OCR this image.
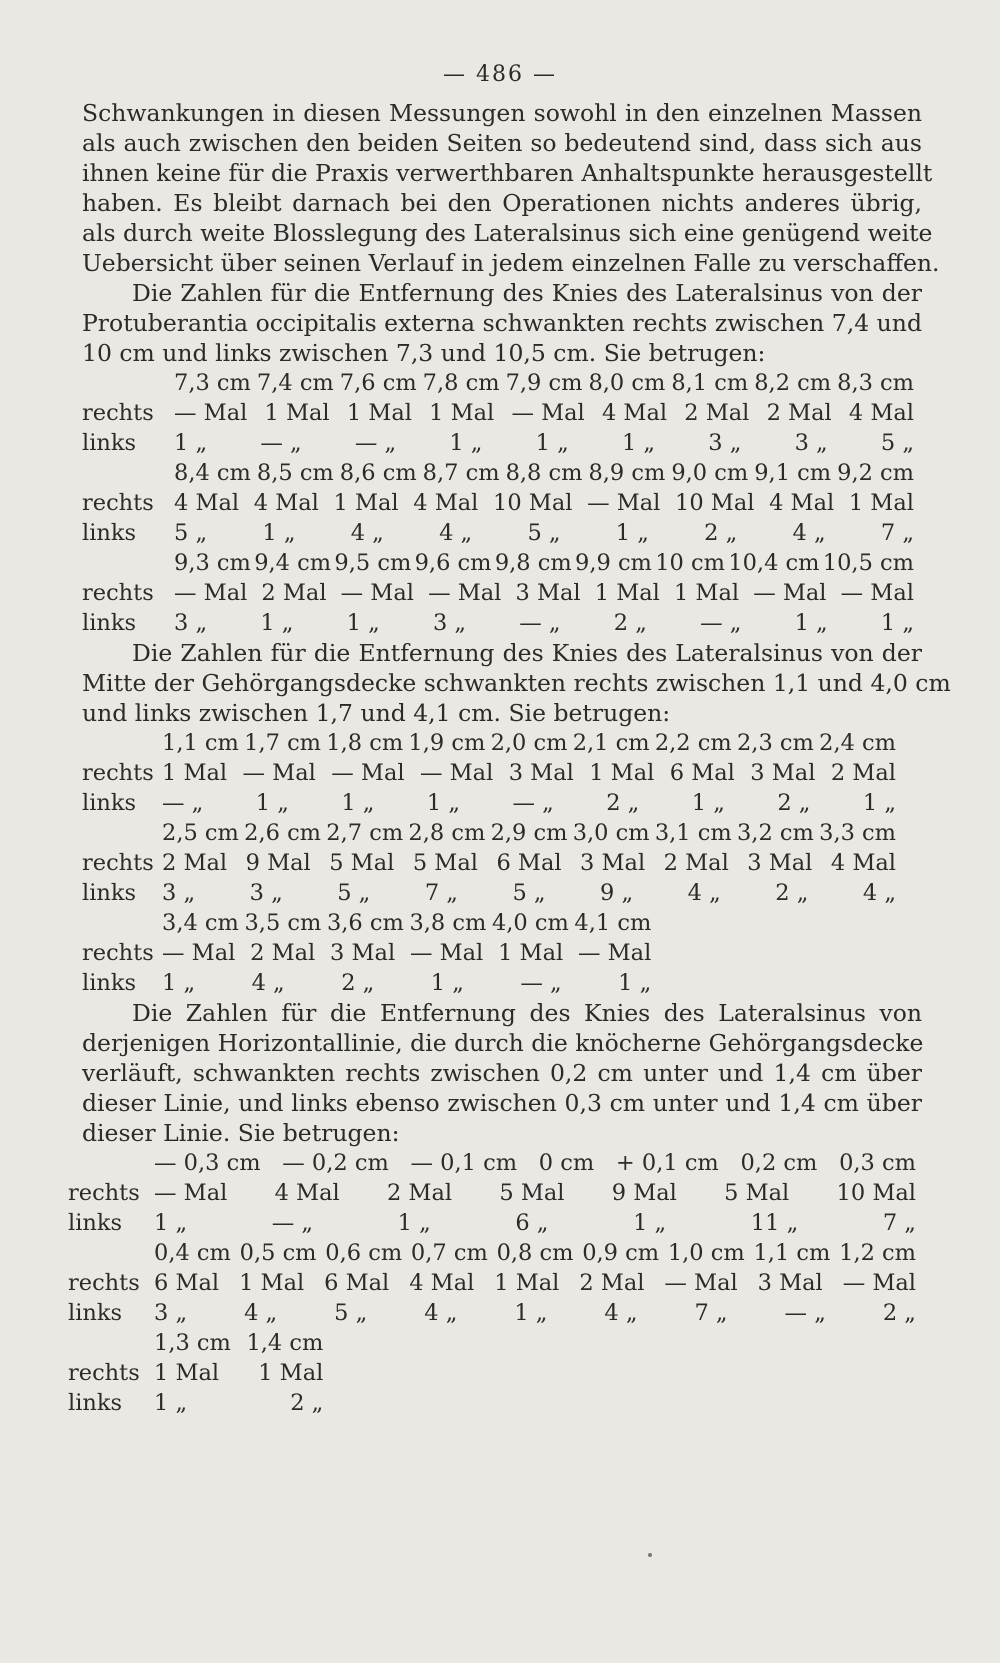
— 486 —
Schwankungen in diesen Messungen sowohl in den einzelnen Massen
als auch zwischen den beiden Seiten so bedeutend sind, dass sich aus
ihnen keine für die Praxis verwerthbaren Anhaltspunkte herausgestellt
haben. Es bleibt darnach bei den Operationen nichts anderes übrig,
als durch weite Blosslegung des Lateralsinus sich eine genügend weite
Uebersicht über seinen Verlauf in jedem einzelnen Falle zu verschaffen.
Die Zahlen für die Entfernung des Knies des Lateralsinus von der
Protuberantia occipitalis externa schwankten rechts zwischen 7,4 und
10 cm und links zwischen 7,3 und 10,5 cm. Sie betrugen:
7,3 cm 7,4 cm 7,6 cm 7,8 cm 7,9 cm 8,0 cm 8,1 cm 8,2 cm 8,3 cm
rechts — Mal 1 Mal 1 Mal 1 Mal — Mal 4 Mal 2 Mal 2 Mal 4 Mal
links 1 „ — „ — „ 1 „ 1 „ 1 „ 3 „ 3 „ 5 „
8,4 cm 8,5 cm 8,6 cm 8,7 cm 8,8 cm 8,9 cm 9,0 cm 9,1 cm 9,2 cm
rechts 4 Mal 4 Mal 1 Mal 4 Mal 10 Mal — Mal 10 Mal 4 Mal 1 Mal
links 5 „ 1 „ 4 „ 4 „ 5 „ 1 „ 2 „ 4 „ 7 „
9,3 cm 9,4 cm 9,5 cm 9,6 cm 9,8 cm 9,9 cm 10 cm 10,4 cm 10,5 cm
rechts — Mal 2 Mal — Mal — Mal 3 Mal 1 Mal 1 Mal — Mal — Mal
links 3 „ 1 „ 1 „ 3 „ — „ 2 „ — „ 1 „ 1 „
Die Zahlen für die Entfernung des Knies des Lateralsinus von der
Mitte der Gehörgangsdecke schwankten rechts zwischen 1,1 und 4,0 cm
und links zwischen 1,7 und 4,1 cm. Sie betrugen:
1,1 cm 1,7 cm 1,8 cm 1,9 cm 2,0 cm 2,1 cm 2,2 cm 2,3 cm 2,4 cm
rechts 1 Mal — Mal — Mal — Mal 3 Mal 1 Mal 6 Mal 3 Mal 2 Mal
links — „ 1 „ 1 „ 1 „ — „ 2 „ 1 „ 2 „ 1 „
2,5 cm 2,6 cm 2,7 cm 2,8 cm 2,9 cm 3,0 cm 3,1 cm 3,2 cm 3,3 cm
rechts 2 Mal 9 Mal 5 Mal 5 Mal 6 Mal 3 Mal 2 Mal 3 Mal 4 Mal
links 3 „ 3 „ 5 „ 7 „ 5 „ 9 „ 4 „ 2 „ 4 „
3,4 cm 3,5 cm 3,6 cm 3,8 cm 4,0 cm 4,1 cm
rechts — Mal 2 Mal 3 Mal — Mal 1 Mal — Mal
links 1 „	4 „	2 „	1 „	— „	1 „
Die Zahlen für die Entfernung des Knies des Lateralsinus von
derjenigen Horizontallinie, die durch die knöcherne Gehörgangsdecke
verläuft, schwankten rechts zwischen 0,2 cm unter und 1,4 cm über
dieser Linie, und links ebenso zwischen 0,3 cm unter und 1,4 cm über
dieser Linie. Sie betrugen:
— 0,3 cm — 0,2 cm — 0,1 cm 0 cm + 0,1 cm 0,2 cm 0,3 cm
rechts — Mal 4 Mal 2 Mal 5 Mal 9 Mal 5 Mal 10 Mal
links 1 „	— „	1 „	6 „	1 „	11 „	7 „
0,4 cm 0,5 cm 0,6 cm 0,7 cm 0,8 cm 0,9 cm 1,0 cm 1,1 cm 1,2 cm
rechts 6 Mal 1 Mal 6 Mal 4 Mal 1 Mal 2 Mal — Mal 3 Mal — Mal
links 3 „	4 „	5 „	4 „	1 „	4 „	7 „	— „	2 „
1,3 cm 1,4 cm
rechts 1 Mal 1 Mal
links 1 „	2 „
